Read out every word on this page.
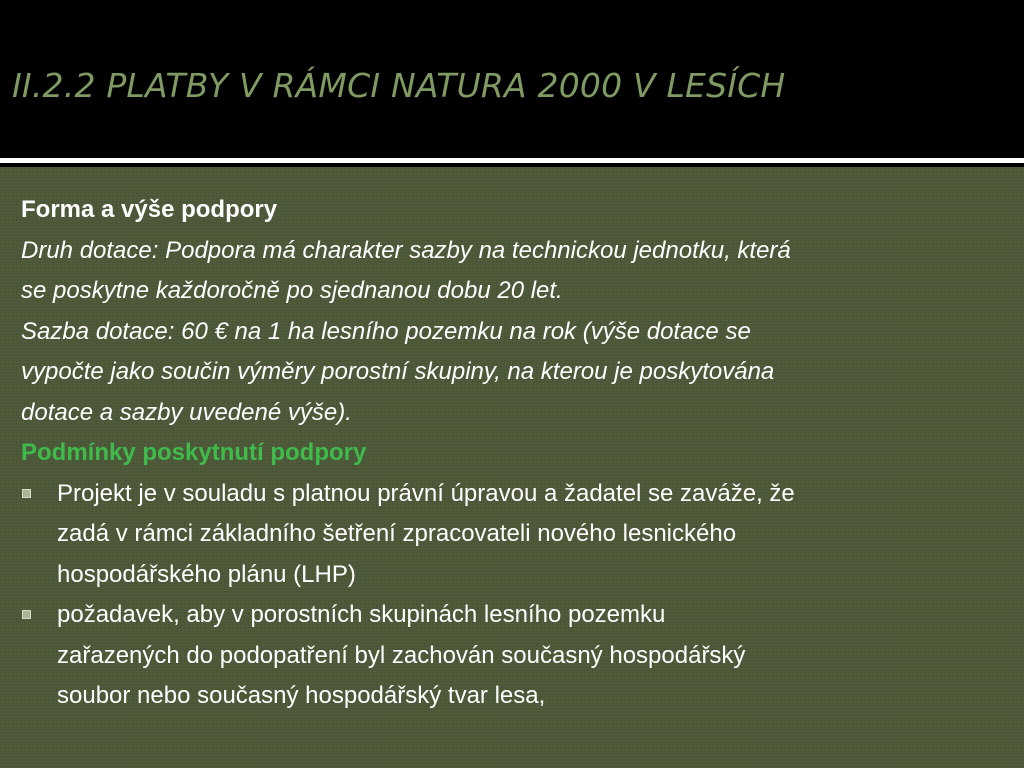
II.2.2 PLATBY V RÁMCI NATURA 2000 V LESÍCH

Forma a výše podpory

Druh dotace: Podpora má charakter sazby na technickou jednotku, která

se poskytne každoročně po sjednanou dobu 20 let.

Sazba dotace: 60 € na 1 ha lesního pozemku na rok (výše dotace se

vypočte jako součin výměry porostní skupiny, na kterou je poskytována

dotace a sazby uvedené výše).

Podmínky poskytnutí podpory

Projekt je v souladu s platnou právní úpravou a žadatel se zaváže, že

zadá v rámci základního šetření zpracovateli nového lesnického

hospodářského plánu (LHP)

požadavek, aby v porostních skupinách lesního pozemku

zařazených do podopatření byl zachován současný hospodářský

soubor nebo současný hospodářský tvar lesa,
